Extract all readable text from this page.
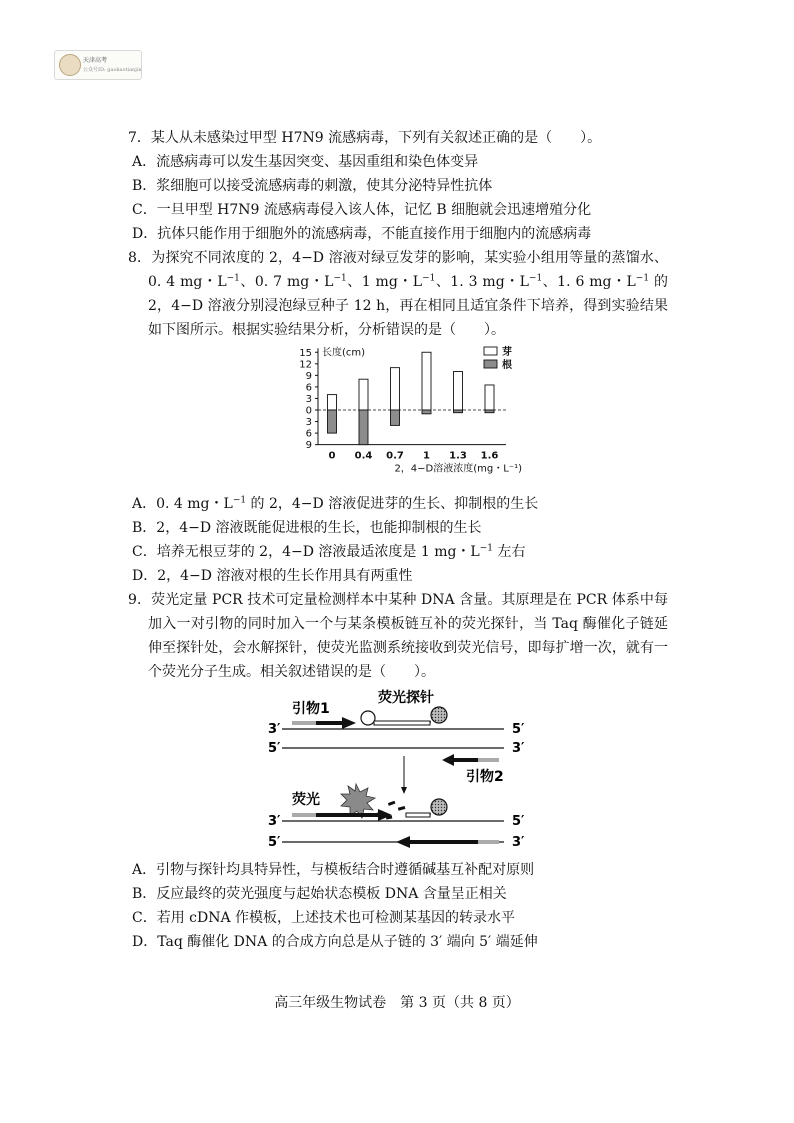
天津高考
公众号ID: gaokaotianjin
7．某人从未感染过甲型 H7N9 流感病毒，下列有关叙述正确的是（　　）。
A．流感病毒可以发生基因突变、基因重组和染色体变异
B．浆细胞可以接受流感病毒的刺激，使其分泌特异性抗体
C．一旦甲型 H7N9 流感病毒侵入该人体，记忆 B 细胞就会迅速增殖分化
D．抗体只能作用于细胞外的流感病毒，不能直接作用于细胞内的流感病毒
8．为探究不同浓度的 2，4−D 溶液对绿豆发芽的影响，某实验小组用等量的蒸馏水、0. 4 mg・$L^{-1}$、0. 7 mg・$L^{-1}$、1 mg・$L^{-1}$、1. 3 mg・$L^{-1}$、1. 6 mg・$L^{-1}$ 的 2，4−D 溶液分别浸泡绿豆种子 12 h，再在相同且适宜条件下培养，得到实验结果如下图所示。根据实验结果分析，分析错误的是（　　）。
15
12
9
6
3
0
3
6
9
长度(cm)
0 0.4 0.7 1 1.3 1.6
2，4−D溶液浓度(mg・L⁻¹)
芽
根
A．0. 4 mg・$L^{-1}$ 的 2，4−D 溶液促进芽的生长、抑制根的生长
B．2，4−D 溶液既能促进根的生长，也能抑制根的生长
C．培养无根豆芽的 2，4−D 溶液最适浓度是 1 mg・$L^{-1}$ 左右
D．2，4−D 溶液对根的生长作用具有两重性
9．荧光定量 PCR 技术可定量检测样本中某种 DNA 含量。其原理是在 PCR 体系中每加入一对引物的同时加入一个与某条模板链互补的荧光探针，当 Taq 酶催化子链延伸至探针处，会水解探针，使荧光监测系统接收到荧光信号，即每扩增一次，就有一个荧光分子生成。相关叙述错误的是（　　）。
荧光探针
引物1
3′	5′
5′	3′
引物2
荧光
3′	5′
5′	3′
A．引物与探针均具特异性，与模板结合时遵循碱基互补配对原则
B．反应最终的荧光强度与起始状态模板 DNA 含量呈正相关
C．若用 cDNA 作模板，上述技术也可检测某基因的转录水平
D．Taq 酶催化 DNA 的合成方向总是从子链的 3′ 端向 5′ 端延伸
高三年级生物试卷　第 3 页（共 8 页）
